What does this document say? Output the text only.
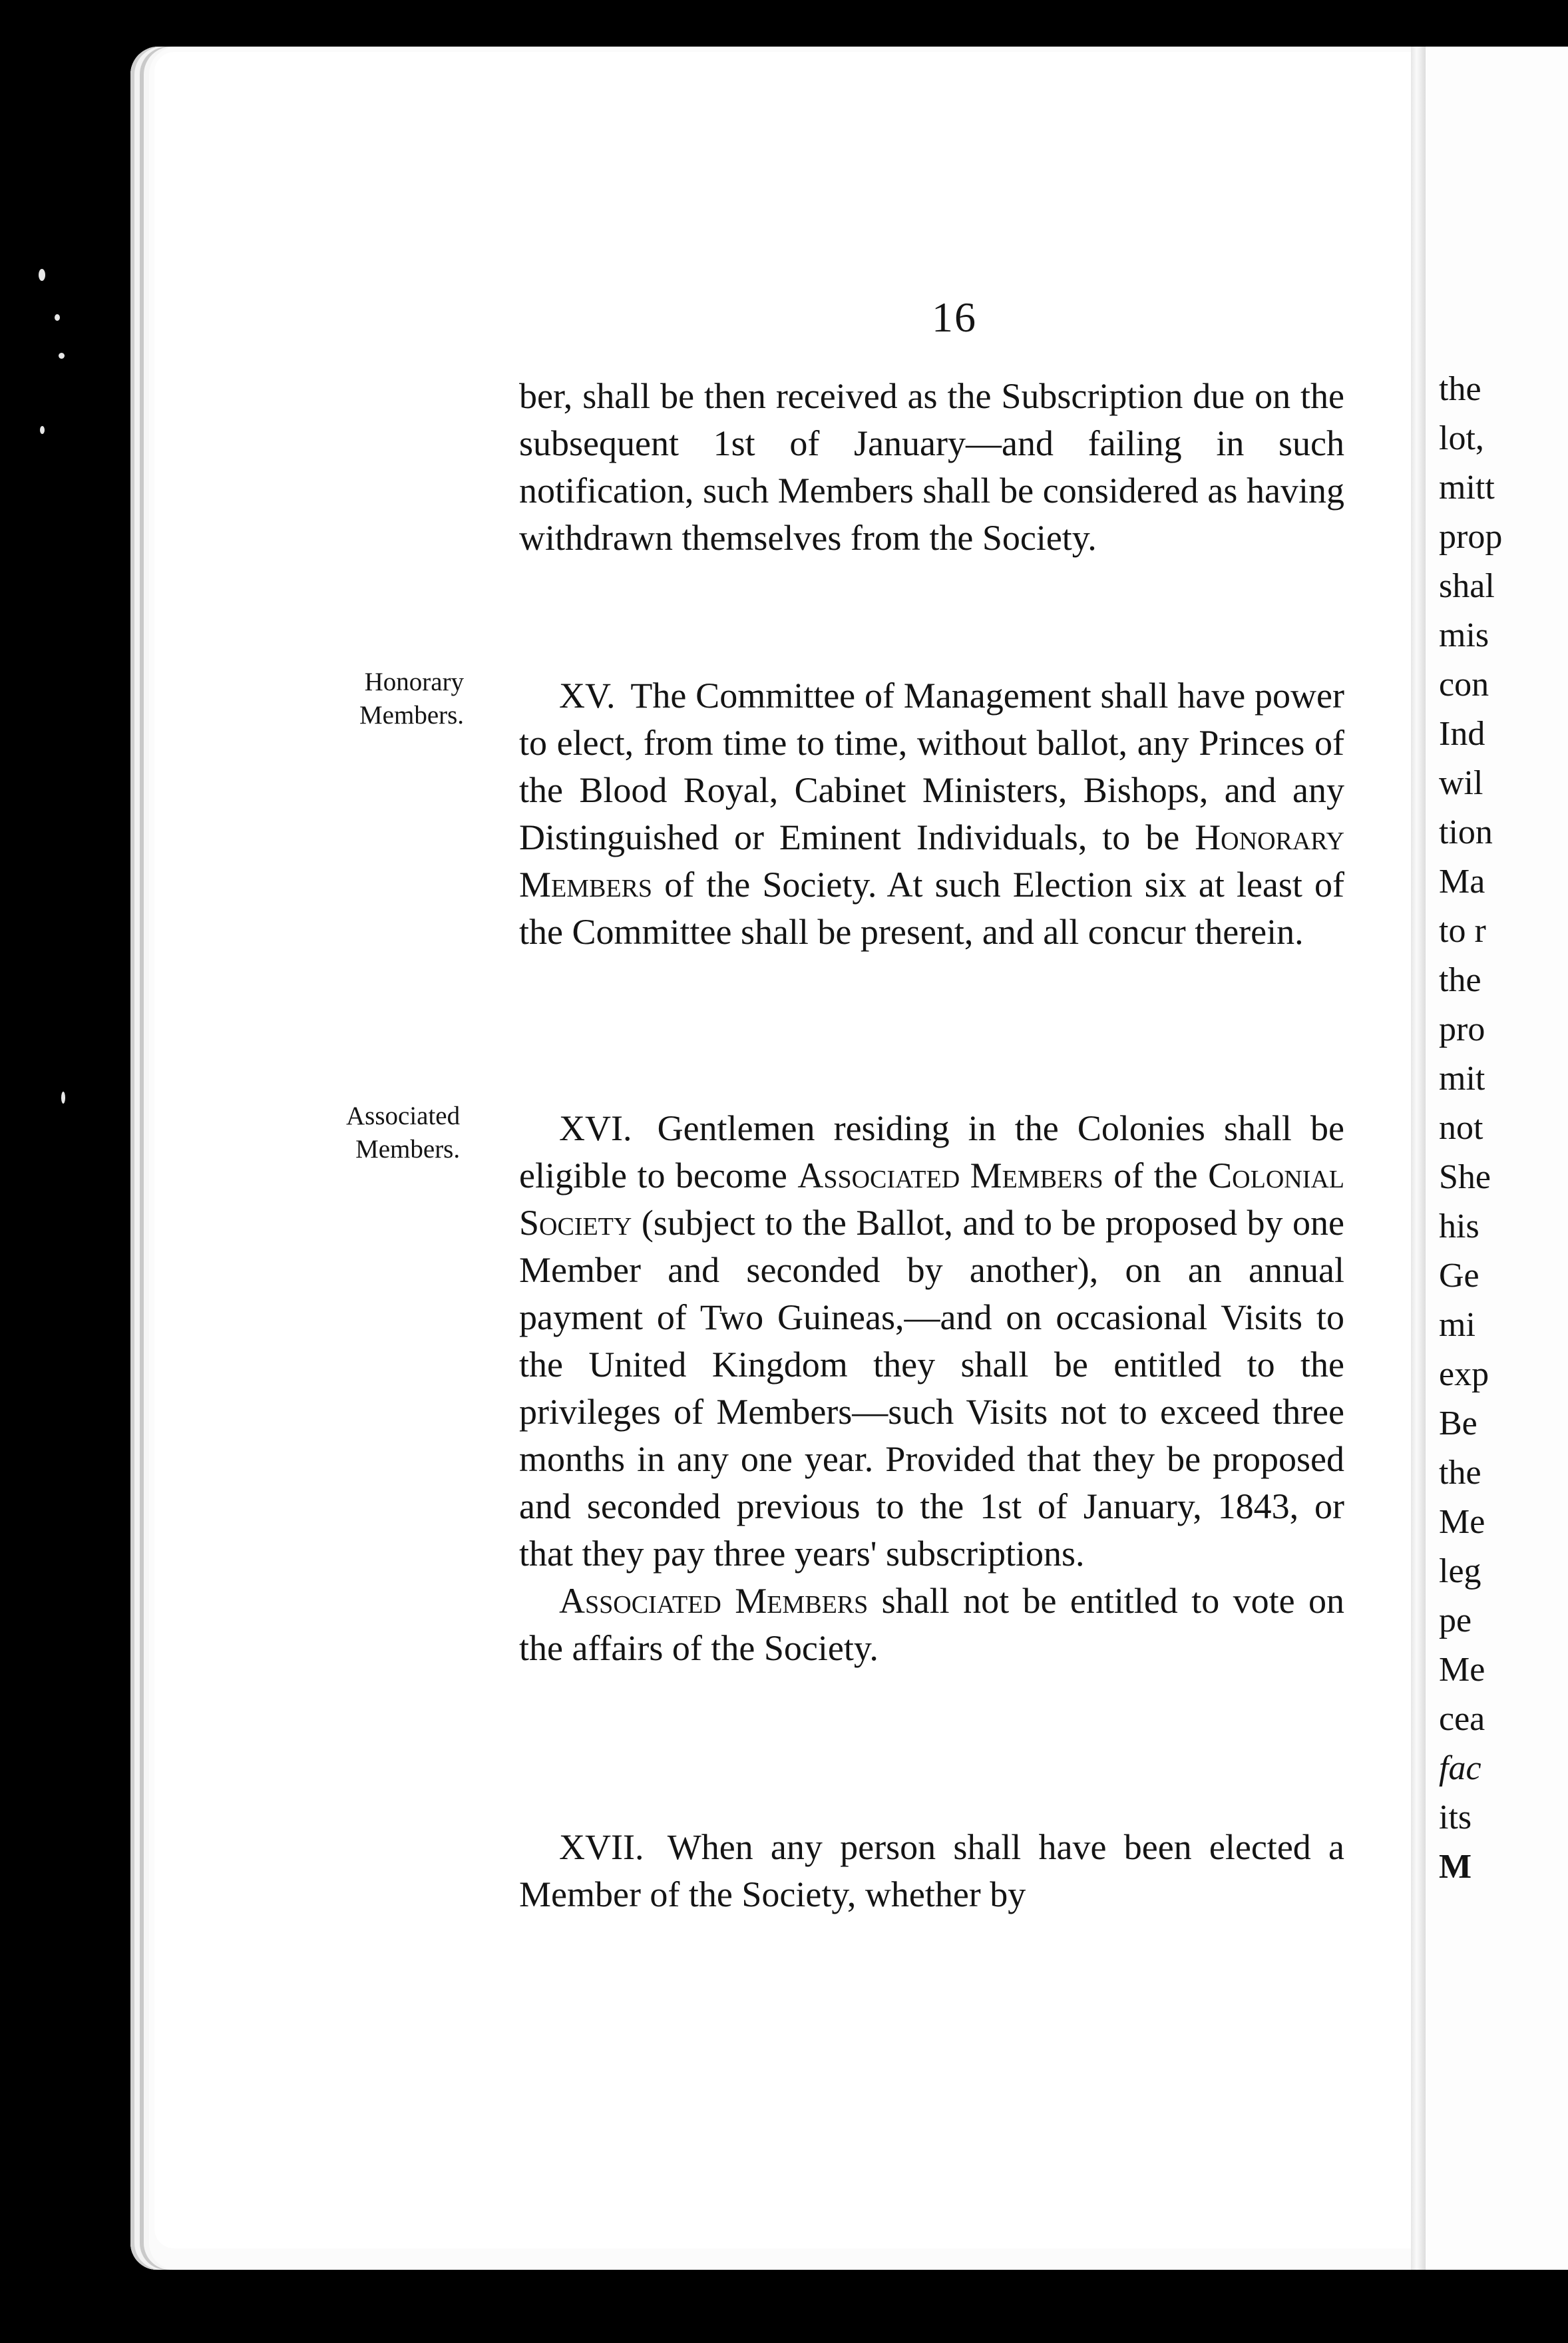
the
lot,
mitt
prop
shal
mis
con
Ind
wil
tion
Ma
to r
the
pro
mit
not
She
his
Ge
mi
exp
Be
the
Me
leg
pe
Me
cea
fac
its
M
16

ber, shall be then received as the Subscription due on the subsequent 1st of January—and failing in such notification, such Members shall be considered as having withdrawn themselves from the Society.

Honorary
Members.	XV. The Committee of Management shall have power to elect, from time to time, without ballot, any Princes of the Blood Royal, Cabinet Ministers, Bishops, and any Distinguished or Eminent Individuals, to be Honorary Members of the Society. At such Election six at least of the Committee shall be present, and all concur therein.

Associated
Members.

XVI. Gentlemen residing in the Colonies shall be eligible to become Associated Members of the Colonial Society (subject to the Ballot, and to be proposed by one Member and seconded by another), on an annual payment of Two Guineas,—and on occasional Visits to the United Kingdom they shall be entitled to the privileges of Members—such Visits not to exceed three months in any one year. Provided that they be proposed and seconded previous to the 1st of January, 1843, or that they pay three years' subscriptions.

Associated Members shall not be entitled to vote on the affairs of the Society.

XVII. When any person shall have been elected a Member of the Society, whether by
